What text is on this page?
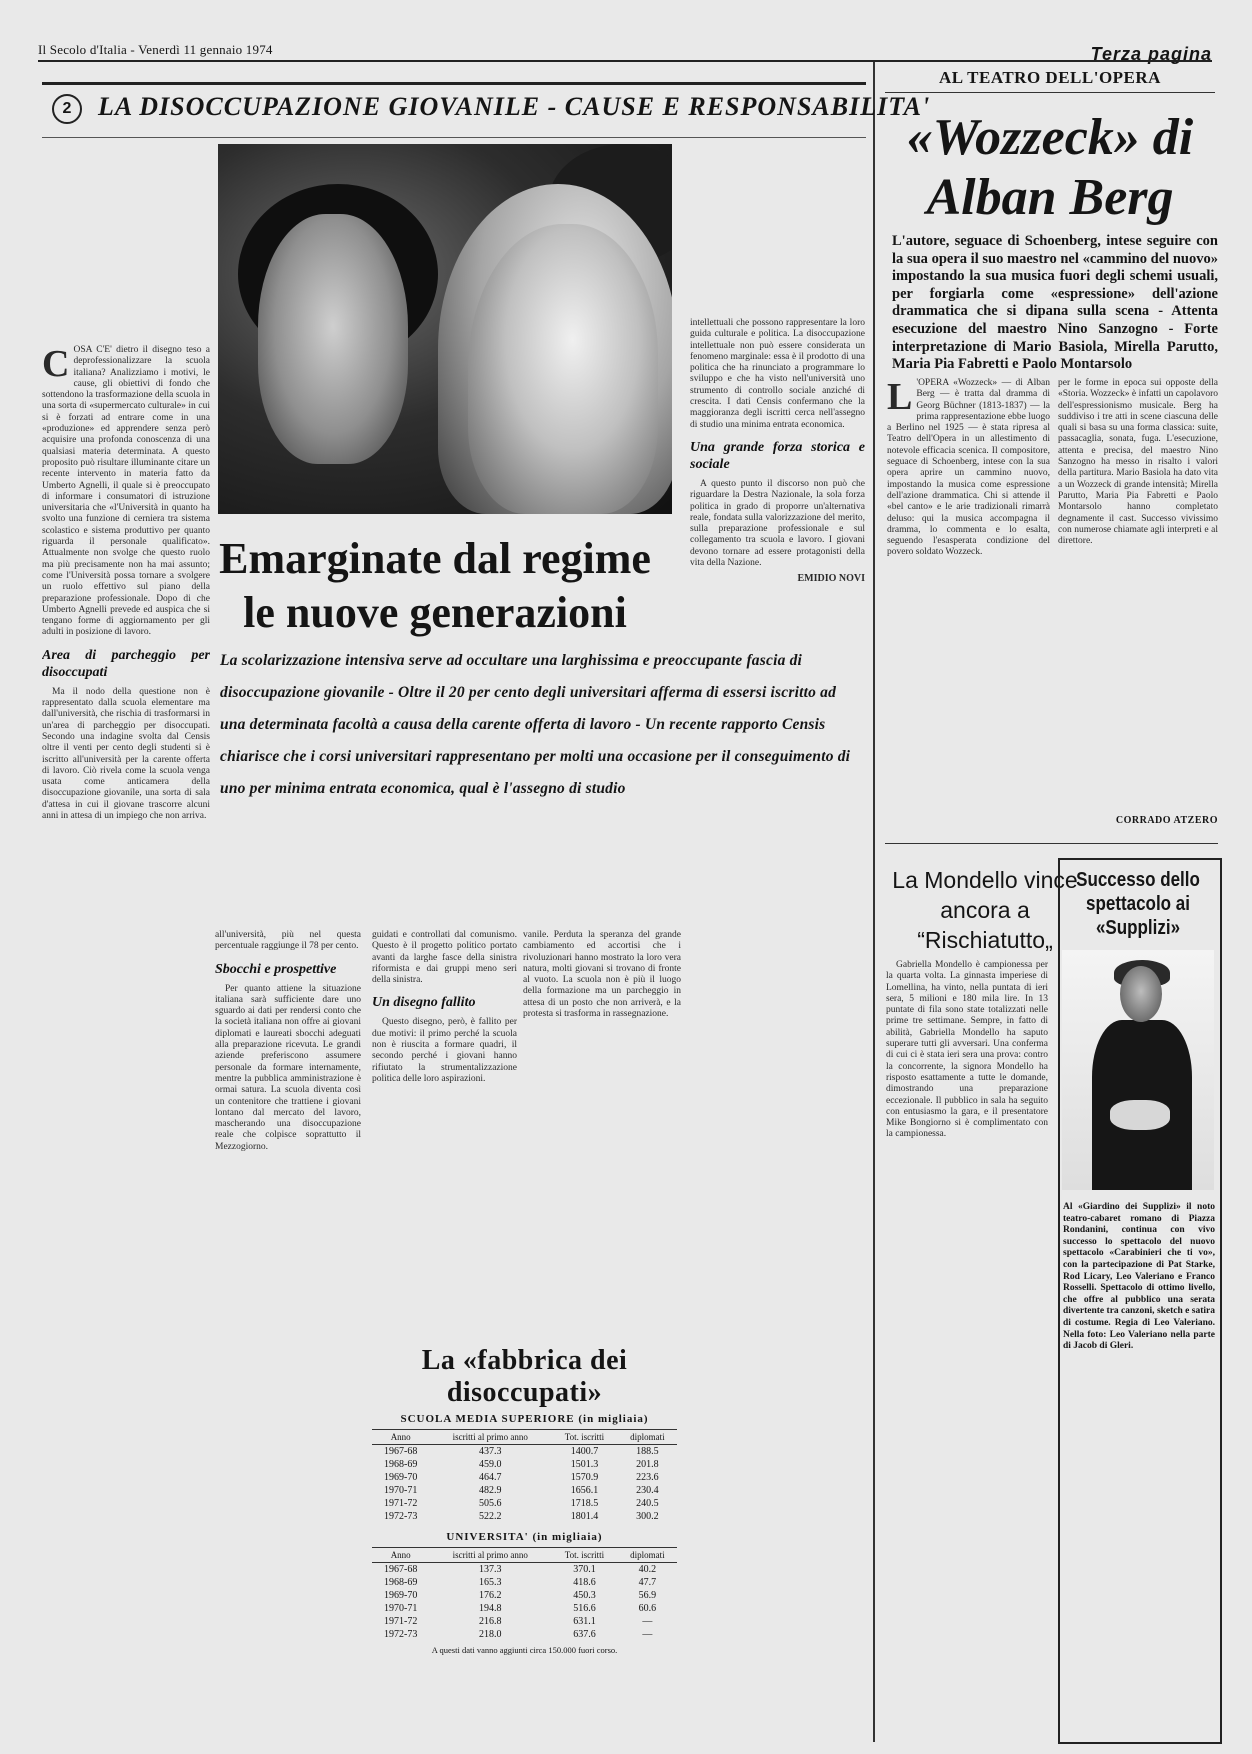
Il Secolo d'Italia - Venerdì 11 gennaio 1974	Terza pagina
2	LA DISOCCUPAZIONE GIOVANILE - CAUSE E RESPONSABILITA'
Emarginate dal regime le nuove generazioni
La scolarizzazione intensiva serve ad occultare una larghissima e preoccupante fascia di disoccupazione giovanile - Oltre il 20 per cento degli universitari afferma di essersi iscritto ad una determinata facoltà a causa della carente offerta di lavoro - Un recente rapporto Censis chiarisce che i corsi universitari rappresentano per molti una occasione per il conseguimento di uno per minima entrata economica, qual è l'assegno di studio
C OSA C'E' dietro il disegno teso a deprofessionalizzare la scuola italiana? Analizziamo i motivi, le cause, gli obiettivi di fondo che sottendono la trasformazione della scuola in una sorta di «supermercato culturale» in cui si è forzati ad entrare come in una «produzione» ed apprendere senza però acquisire una profonda conoscenza di una qualsiasi materia determinata. A questo proposito può risultare illuminante citare un recente intervento in materia fatto da Umberto Agnelli, il quale si è preoccupato di informare i consumatori di istruzione universitaria che «l'Università in quanto ha svolto una funzione di cerniera tra sistema scolastico e sistema produttivo per quanto riguarda il personale qualificato». Attualmente non svolge che questo ruolo ma più precisamente non ha mai assunto; come l'Università possa tornare a svolgere un ruolo effettivo sul piano della preparazione professionale. Dopo di che Umberto Agnelli prevede ed auspica che si tengano forme di aggiornamento per gli adulti in posizione di lavoro.

Area di parcheggio per disoccupati

Ma il nodo della questione non è rappresentato dalla scuola elementare ma dall'università, che rischia di trasformarsi in un'area di parcheggio per disoccupati. Secondo una indagine svolta dal Censis oltre il venti per cento degli studenti si è iscritto all'università per la carente offerta di lavoro. Ciò rivela come la scuola venga usata come anticamera della disoccupazione giovanile, una sorta di sala d'attesa in cui il giovane trascorre alcuni anni in attesa di un impiego che non arriva.

all'università, più nel questa percentuale raggiunge il 78 per cento.

Sbocchi e prospettive

Per quanto attiene la situazione italiana sarà sufficiente dare uno sguardo ai dati per rendersi conto che la società italiana non offre ai giovani diplomati e laureati sbocchi adeguati alla preparazione ricevuta. Le grandi aziende preferiscono assumere personale da formare internamente, mentre la pubblica amministrazione è ormai satura. La scuola diventa così un contenitore che trattiene i giovani lontano dal mercato del lavoro, mascherando una disoccupazione reale che colpisce soprattutto il Mezzogiorno.

guidati e controllati dal comunismo. Questo è il progetto politico portato avanti da larghe fasce della sinistra riformista e dai gruppi meno seri della sinistra.

Un disegno fallito

Questo disegno, però, è fallito per due motivi: il primo perché la scuola non è riuscita a formare quadri, il secondo perché i giovani hanno rifiutato la strumentalizzazione politica delle loro aspirazioni.

vanile. Perduta la speranza del grande cambiamento ed accortisi che i rivoluzionari hanno mostrato la loro vera natura, molti giovani si trovano di fronte al vuoto. La scuola non è più il luogo della formazione ma un parcheggio in attesa di un posto che non arriverà, e la protesta si trasforma in rassegnazione.

intellettuali che possono rappresentare la loro guida culturale e politica. La disoccupazione intellettuale non può essere considerata un fenomeno marginale: essa è il prodotto di una politica che ha rinunciato a programmare lo sviluppo e che ha visto nell'università uno strumento di controllo sociale anziché di crescita. I dati Censis confermano che la maggioranza degli iscritti cerca nell'assegno di studio una minima entrata economica.

Una grande forza storica e sociale

A questo punto il discorso non può che riguardare la Destra Nazionale, la sola forza politica in grado di proporre un'alternativa reale, fondata sulla valorizzazione del merito, sulla preparazione professionale e sul collegamento tra scuola e lavoro. I giovani devono tornare ad essere protagonisti della vita della Nazione.

EMIDIO NOVI
La «fabbrica dei disoccupati»
SCUOLA MEDIA SUPERIORE (in migliaia)
Anno	iscritti al primo anno	Tot. iscritti	diplomati
1967-68	437.3	1400.7	188.5
1968-69	459.0	1501.3	201.8
1969-70	464.7	1570.9	223.6
1970-71	482.9	1656.1	230.4
1971-72	505.6	1718.5	240.5
1972-73	522.2	1801.4	300.2
UNIVERSITA' (in migliaia)
Anno	iscritti al primo anno	Tot. iscritti	diplomati
1967-68	137.3	370.1	40.2
1968-69	165.3	418.6	47.7
1969-70	176.2	450.3	56.9
1970-71	194.8	516.6	60.6
1971-72	216.8	631.1	—
1972-73	218.0	637.6	—
A questi dati vanno aggiunti circa 150.000 fuori corso.
AL TEATRO DELL'OPERA
«Wozzeck» di Alban Berg
L'autore, seguace di Schoenberg, intese seguire con la sua opera il suo maestro nel «cammino del nuovo» impostando la sua musica fuori degli schemi usuali, per forgiarla come «espressione» dell'azione drammatica che si dipana sulla scena - Attenta esecuzione del maestro Nino Sanzogno - Forte interpretazione di Mario Basiola, Mirella Parutto, Maria Pia Fabretti e Paolo Montarsolo
L 'OPERA «Wozzeck» — di Alban Berg — è tratta dal dramma di Georg Büchner (1813-1837) — la prima rappresentazione ebbe luogo a Berlino nel 1925 — è stata ripresa al Teatro dell'Opera in un allestimento di notevole efficacia scenica. Il compositore, seguace di Schoenberg, intese con la sua opera aprire un cammino nuovo, impostando la musica come espressione dell'azione drammatica. Chi si attende il «bel canto» e le arie tradizionali rimarrà deluso: qui la musica accompagna il dramma, lo commenta e lo esalta, seguendo l'esasperata condizione del povero soldato Wozzeck.

per le forme in epoca sui opposte della «Storia. Wozzeck» è infatti un capolavoro dell'espressionismo musicale. Berg ha suddiviso i tre atti in scene ciascuna delle quali si basa su una forma classica: suite, passacaglia, sonata, fuga. L'esecuzione, attenta e precisa, del maestro Nino Sanzogno ha messo in risalto i valori della partitura. Mario Basiola ha dato vita a un Wozzeck di grande intensità; Mirella Parutto, Maria Pia Fabretti e Paolo Montarsolo hanno completato degnamente il cast. Successo vivissimo con numerose chiamate agli interpreti e al direttore.

CORRADO ATZERO
La Mondello vince ancora a “Rischiatutto„

Gabriella Mondello è campionessa per la quarta volta. La ginnasta imperiese di Lomellina, ha vinto, nella puntata di ieri sera, 5 milioni e 180 mila lire. In 13 puntate di fila sono state totalizzati nelle prime tre settimane. Sempre, in fatto di abilità, Gabriella Mondello ha saputo superare tutti gli avversari. Una conferma di cui ci è stata ieri sera una prova: contro la concorrente, la signora Mondello ha risposto esattamente a tutte le domande, dimostrando una preparazione eccezionale. Il pubblico in sala ha seguito con entusiasmo la gara, e il presentatore Mike Bongiorno si è complimentato con la campionessa.

Successo dello spettacolo ai «Supplizi»
Al «Giardino dei Supplizi» il noto teatro-cabaret romano di Piazza Rondanini, continua con vivo successo lo spettacolo del nuovo spettacolo «Carabinieri che ti vo», con la partecipazione di Pat Starke, Rod Licary, Leo Valeriano e Franco Rosselli. Spettacolo di ottimo livello, che offre al pubblico una serata divertente tra canzoni, sketch e satira di costume. Regia di Leo Valeriano. Nella foto: Leo Valeriano nella parte di Jacob di Gleri.
